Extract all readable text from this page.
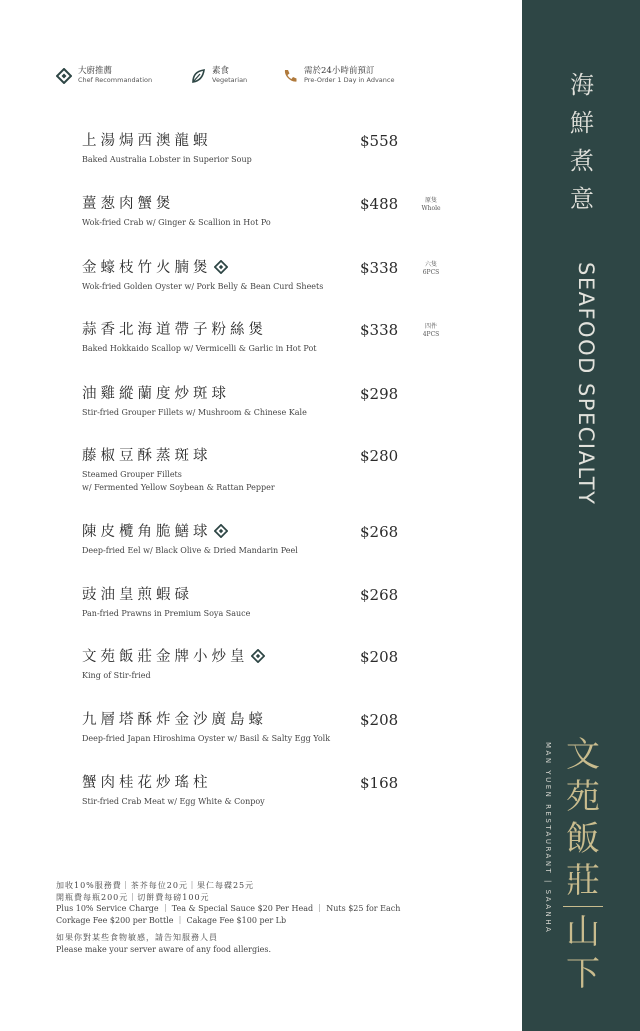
大廚推薦
Chef Recommandation
素食
Vegetarian
需於24小時前預訂
Pre-Order 1 Day in Advance
上湯焗西澳龍蝦
Baked Australia Lobster in Superior Soup
$558
薑葱肉蟹煲
Wok-fried Crab w/ Ginger & Scallion in Hot Po
$488	原隻
Whole
金蠔枝竹火腩煲
Wok-fried Golden Oyster w/ Pork Belly & Bean Curd Sheets
$338	六隻
6PCS
蒜香北海道帶子粉絲煲
Baked Hokkaido Scallop w/ Vermicelli & Garlic in Hot Pot
$338	四件
4PCS
油雞縱蘭度炒斑球
Stir-fried Grouper Fillets w/ Mushroom & Chinese Kale
$298
藤椒豆酥蒸斑球
Steamed Grouper Fillets
w/ Fermented Yellow Soybean & Rattan Pepper
$280
陳皮欖角脆鱔球
Deep-fried Eel w/ Black Olive & Dried Mandarin Peel
$268
豉油皇煎蝦碌
Pan-fried Prawns in Premium Soya Sauce
$268
文苑飯莊金牌小炒皇
King of Stir-fried
$208
九層塔酥炸金沙廣島蠔
Deep-fried Japan Hiroshima Oyster w/ Basil & Salty Egg Yolk
$208
蟹肉桂花炒瑤柱
Stir-fried Crab Meat w/ Egg White & Conpoy
$168
加收10%服務費｜茶芥每位20元｜果仁每碟25元
開瓶費每瓶200元｜切餅費每磅100元
Plus 10% Service Charge ｜ Tea & Special Sauce $20 Per Head ｜ Nuts $25 for Each
Corkage Fee $200 per Bottle ｜ Cakage Fee $100 per Lb
如果你對某些食物敏感，請告知服務人員
Please make your server aware of any food allergies.
海
鮮
煮
意
SEAFOOD SPECIALTY
MAN YUEN RESTAURANT | SAANHA 文
苑
飯
莊
山
下
